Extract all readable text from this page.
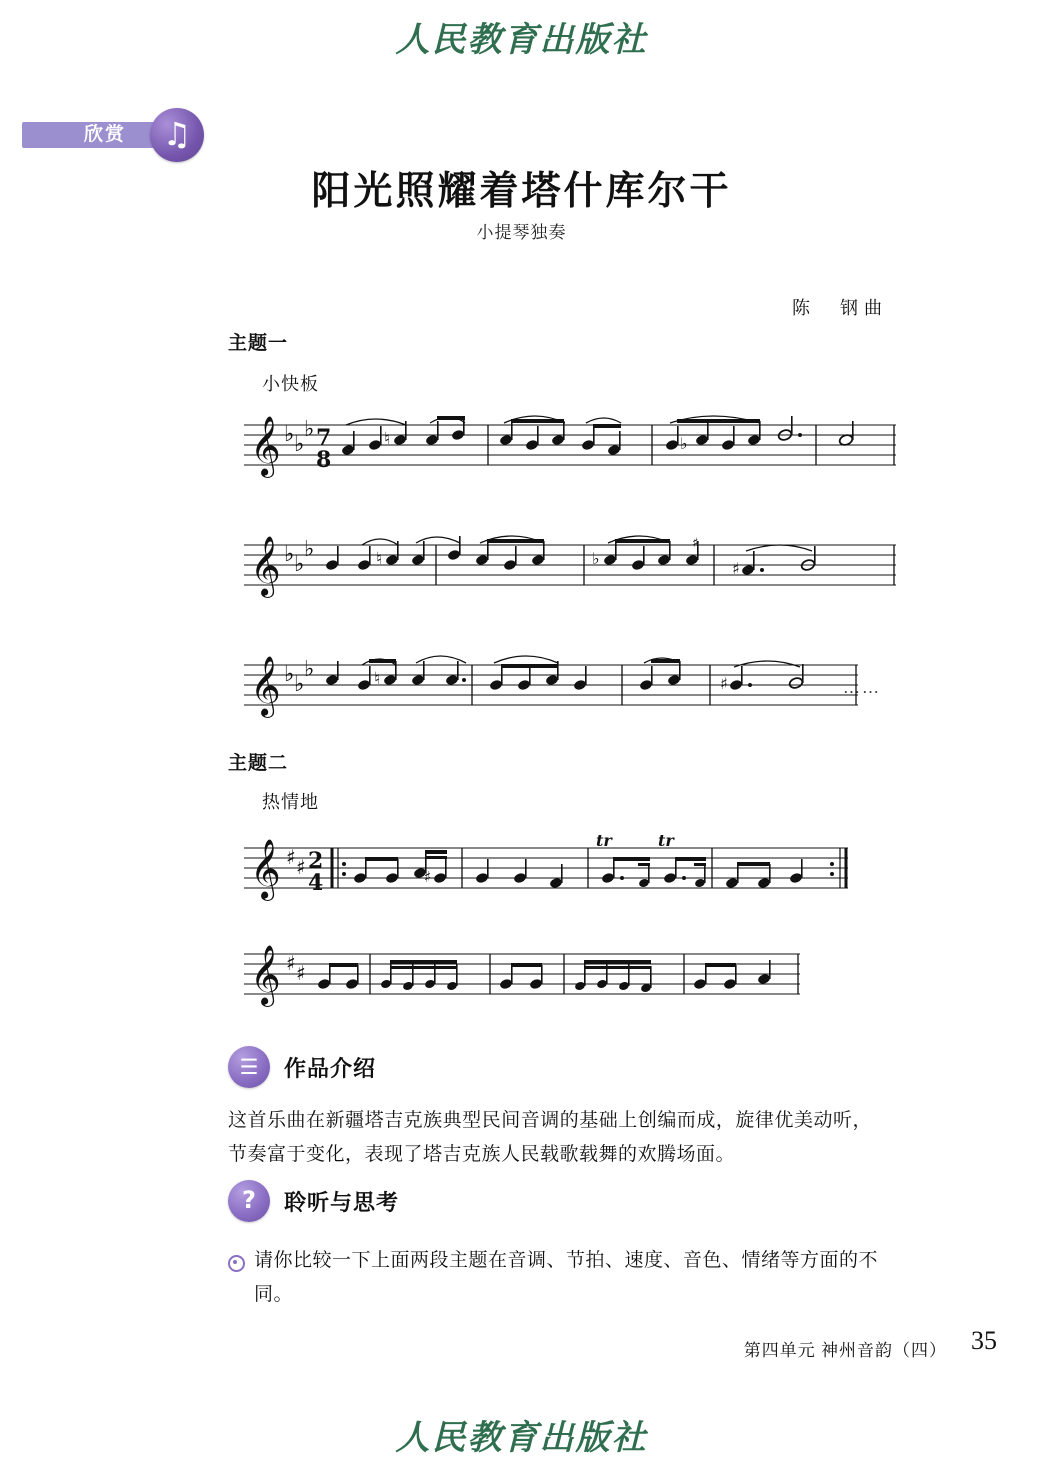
人民教育出版社
人民教育出版社
欣赏	♫
阳光照耀着塔什库尔干
小提琴独奏
陈　钢曲
主题一
小快板
𝄞 ♭ ♭
♭ 7
8
♮	♭
𝄞 ♭ ♭
♭	♮	♭
♯
♯
𝄞 ♭ ♭
♭	♮	♯	……
主题二
热情地
𝄞 ♯ ♯ 2
4	♯
tr	tr
𝄞 ♯ ♯
☰	作品介绍
这首乐曲在新疆塔吉克族典型民间音调的基础上创编而成，旋律优美动听，节奏富于变化，表现了塔吉克族人民载歌载舞的欢腾场面。
?	聆听与思考
请你比较一下上面两段主题在音调、节拍、速度、音色、情绪等方面的不同。
第四单元 神州音韵（四） 35
